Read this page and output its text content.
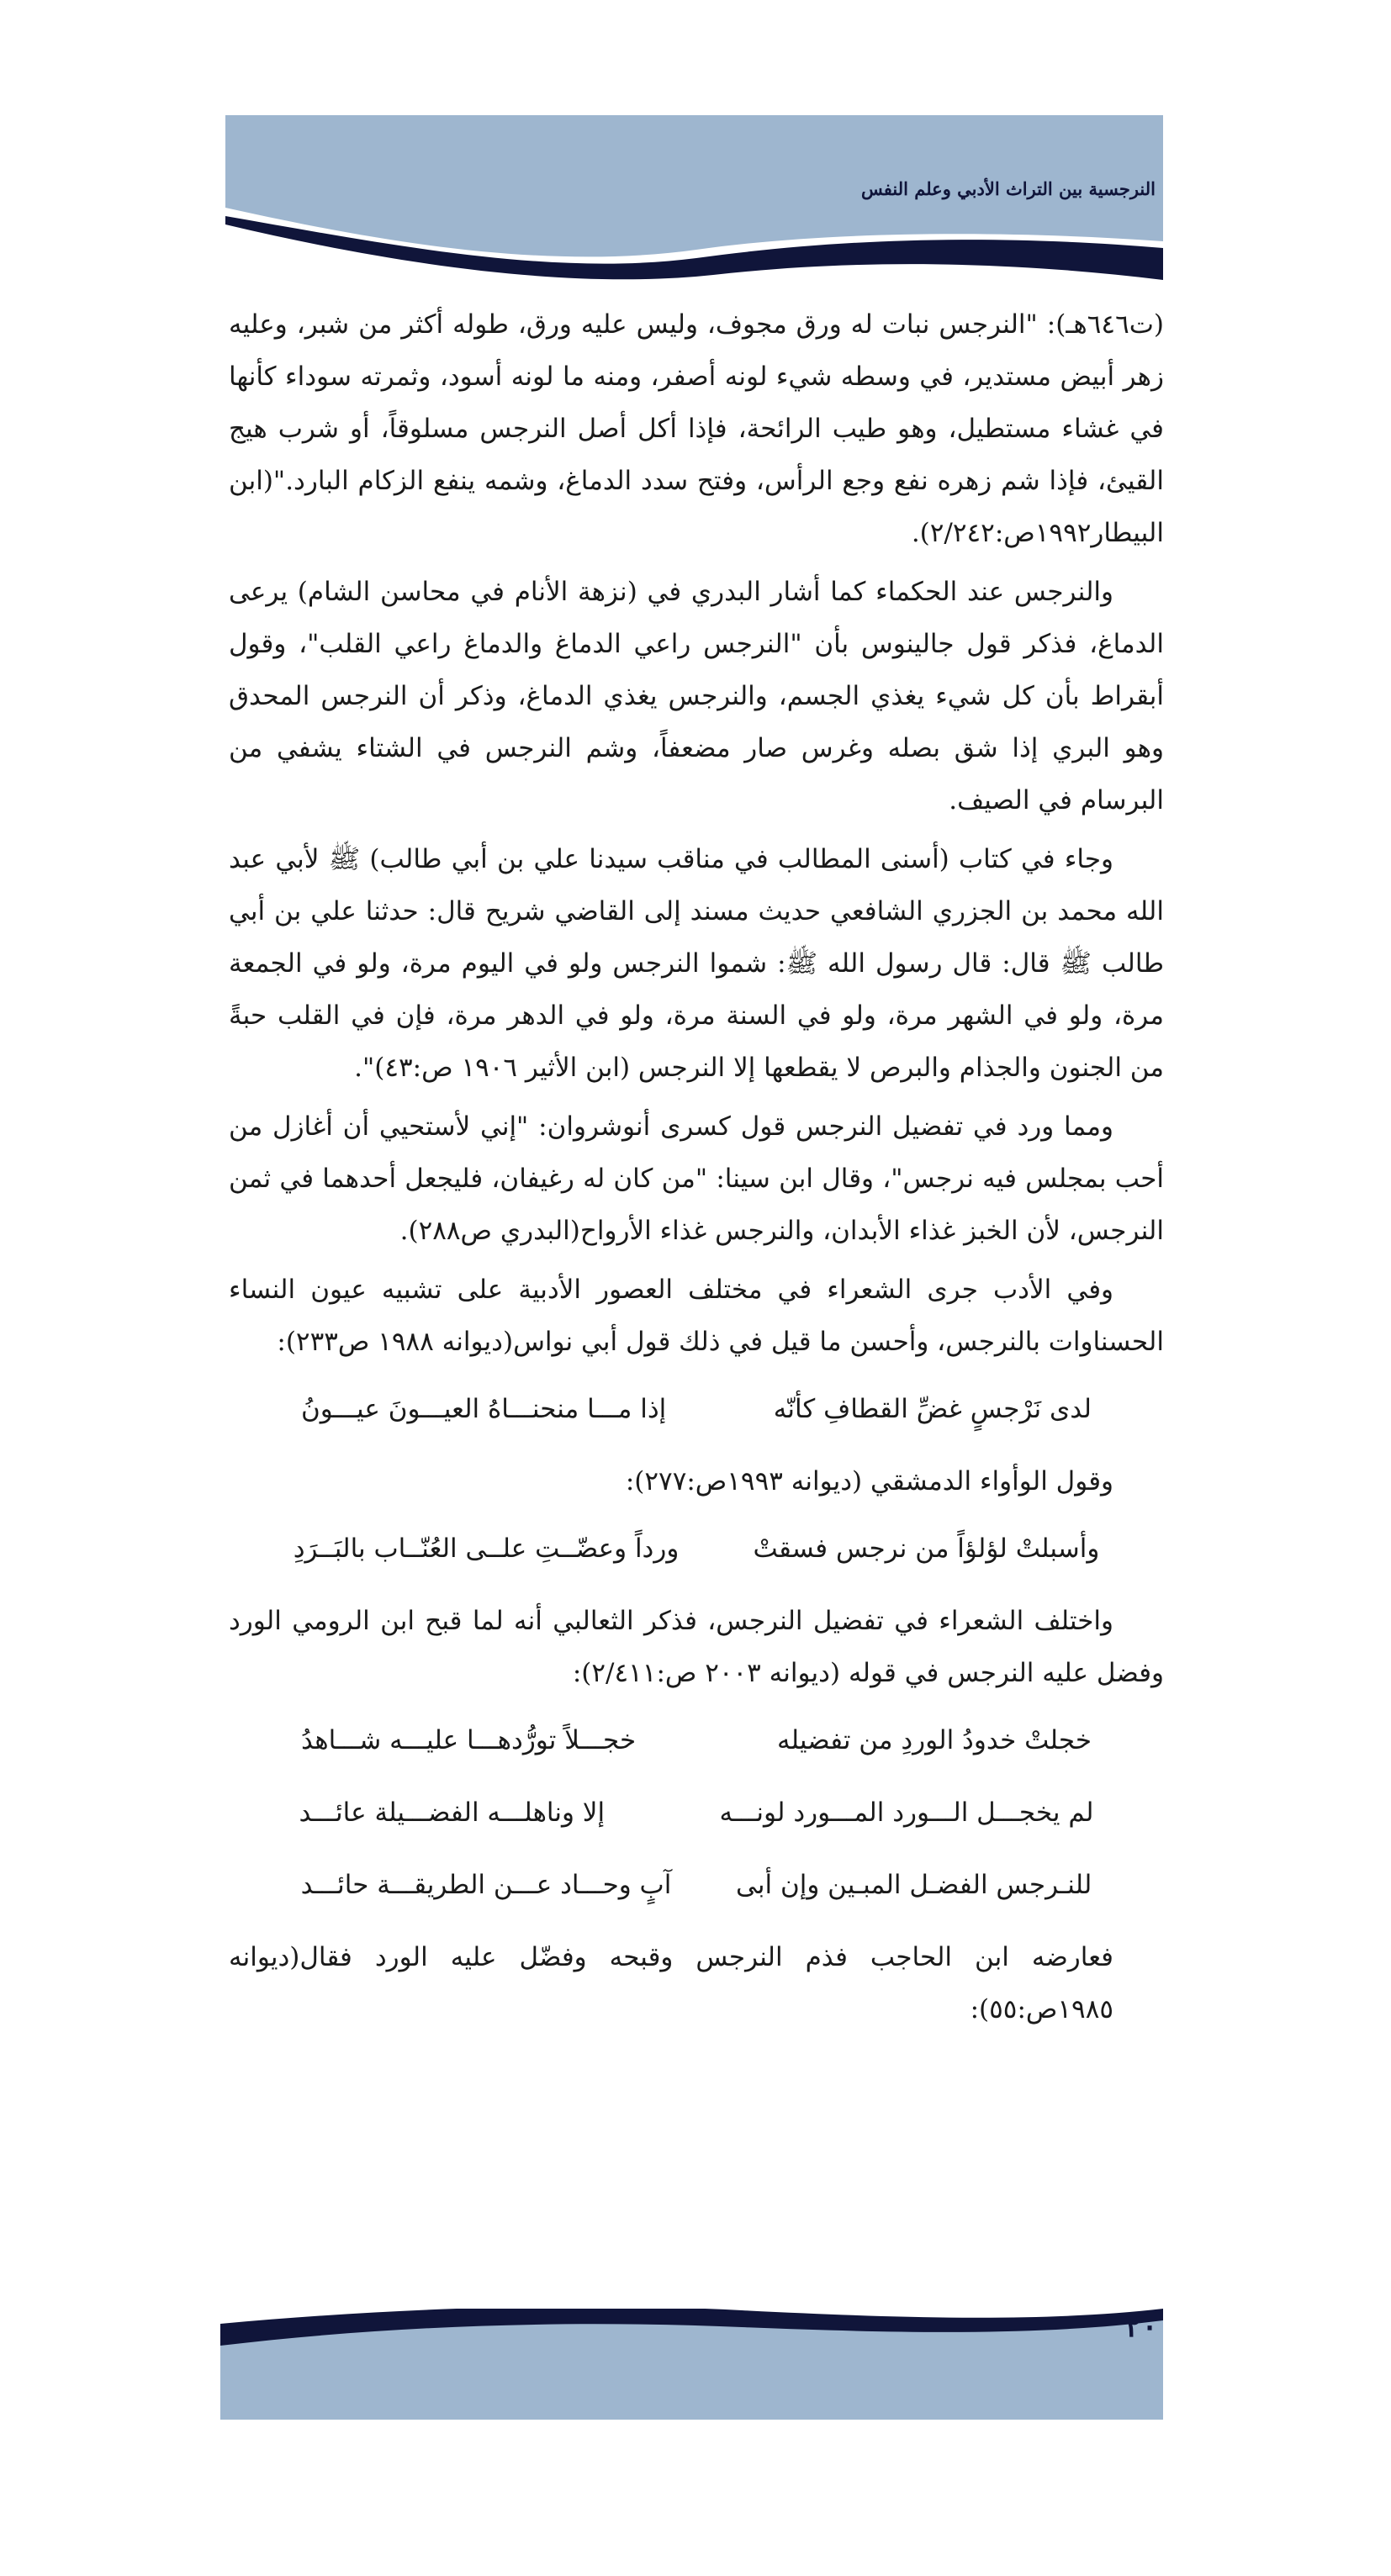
النرجسية بين التراث الأدبي وعلم النفس

(ت٦٤٦هـ): "النرجس نبات له ورق مجوف، وليس عليه ورق، طوله أكثر من شبر، وعليه زهر أبيض مستدير، في وسطه شيء لونه أصفر، ومنه ما لونه أسود، وثمرته سوداء كأنها في غشاء مستطيل، وهو طيب الرائحة، فإذا أكل أصل النرجس مسلوقاً، أو شرب هيج القيئ، فإذا شم زهره نفع وجع الرأس، وفتح سدد الدماغ، وشمه ينفع الزكام البارد."(ابن البيطار١٩٩٢ص:٢/٢٤٢).

والنرجس عند الحكماء كما أشار البدري في (نزهة الأنام في محاسن الشام) يرعى الدماغ، فذكر قول جالينوس بأن "النرجس راعي الدماغ والدماغ راعي القلب"، وقول أبقراط بأن كل شيء يغذي الجسم، والنرجس يغذي الدماغ، وذكر أن النرجس المحدق وهو البري إذا شق بصله وغرس صار مضعفاً، وشم النرجس في الشتاء يشفي من البرسام في الصيف.

وجاء في كتاب (أسنى المطالب في مناقب سيدنا علي بن أبي طالب) ﷺ لأبي عبد الله محمد بن الجزري الشافعي حديث مسند إلى القاضي شريح قال: حدثنا علي بن أبي طالب ﷺ قال: قال رسول الله ﷺ: شموا النرجس ولو في اليوم مرة، ولو في الجمعة مرة، ولو في الشهر مرة، ولو في السنة مرة، ولو في الدهر مرة، فإن في القلب حبةً من الجنون والجذام والبرص لا يقطعها إلا النرجس (ابن الأثير ١٩٠٦ ص:٤٣)".

ومما ورد في تفضيل النرجس قول كسرى أنوشروان: "إني لأستحيي أن أغازل من أحب بمجلس فيه نرجس"، وقال ابن سينا: "من كان له رغيفان، فليجعل أحدهما في ثمن النرجس، لأن الخبز غذاء الأبدان، والنرجس غذاء الأرواح(البدري ص٢٨٨).

وفي الأدب جرى الشعراء في مختلف العصور الأدبية على تشبيه عيون النساء الحسناوات بالنرجس، وأحسن ما قيل في ذلك قول أبي نواس(ديوانه ١٩٨٨ ص٢٣٣):

لدى نَرْجسٍ غضِّ القطافِ كأنّه
إذا مـــا منحنـــاهُ العيـــونَ عيـــونُ

وقول الوأواء الدمشقي (ديوانه ١٩٩٣ص:٢٧٧):

وأسبلتْ لؤلؤاً من نرجس فسقتْ
ورداً وعضّــتِ علــى العُنّــاب بالبَــرَدِ

واختلف الشعراء في تفضيل النرجس، فذكر الثعالبي أنه لما قبح ابن الرومي الورد وفضل عليه النرجس في قوله (ديوانه ٢٠٠٣ ص:٢/٤١١):

خجلتْ خدودُ الوردِ من تفضيله
خجـــلاً تورُّدهـــا عليـــه شـــاهدُ
لم يخجـــل الـــورد المـــورد لونـــه
إلا وناهلـــه الفضـــيلة عائـــد
للنـرجس الفضـل المبـين وإن أبى
آبٍ وحـــاد عـــن الطريقـــة حائـــد

فعارضه ابن الحاجب فذم النرجس وقبحه وفضّل عليه الورد فقال(ديوانه ١٩٨٥ص:٥٥):

٢٠
